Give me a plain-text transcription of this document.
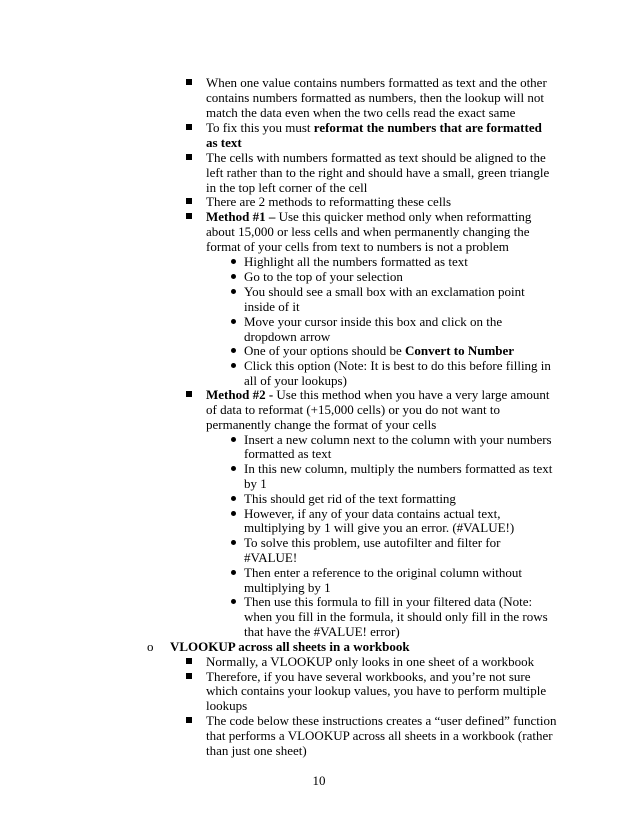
When one value contains numbers formatted as text and the other
contains numbers formatted as numbers, then the lookup will not
match the data even when the two cells read the exact same
To fix this you must reformat the numbers that are formatted
as text
The cells with numbers formatted as text should be aligned to the
left rather than to the right and should have a small, green triangle
in the top left corner of the cell
There are 2 methods to reformatting these cells
Method #1 – Use this quicker method only when reformatting
about 15,000 or less cells and when permanently changing the
format of your cells from text to numbers is not a problem
Highlight all the numbers formatted as text
Go to the top of your selection
You should see a small box with an exclamation point
inside of it
Move your cursor inside this box and click on the
dropdown arrow
One of your options should be Convert to Number
Click this option (Note: It is best to do this before filling in
all of your lookups)
Method #2 - Use this method when you have a very large amount
of data to reformat (+15,000 cells) or you do not want to
permanently change the format of your cells
Insert a new column next to the column with your numbers
formatted as text
In this new column, multiply the numbers formatted as text
by 1
This should get rid of the text formatting
However, if any of your data contains actual text,
multiplying by 1 will give you an error. (#VALUE!)
To solve this problem, use autofilter and filter for
#VALUE!
Then enter a reference to the original column without
multiplying by 1
Then use this formula to fill in your filtered data (Note:
when you fill in the formula, it should only fill in the rows
that have the #VALUE! error)
o VLOOKUP across all sheets in a workbook
Normally, a VLOOKUP only looks in one sheet of a workbook
Therefore, if you have several workbooks, and you’re not sure
which contains your lookup values, you have to perform multiple
lookups
The code below these instructions creates a “user defined” function
that performs a VLOOKUP across all sheets in a workbook (rather
than just one sheet)
10
